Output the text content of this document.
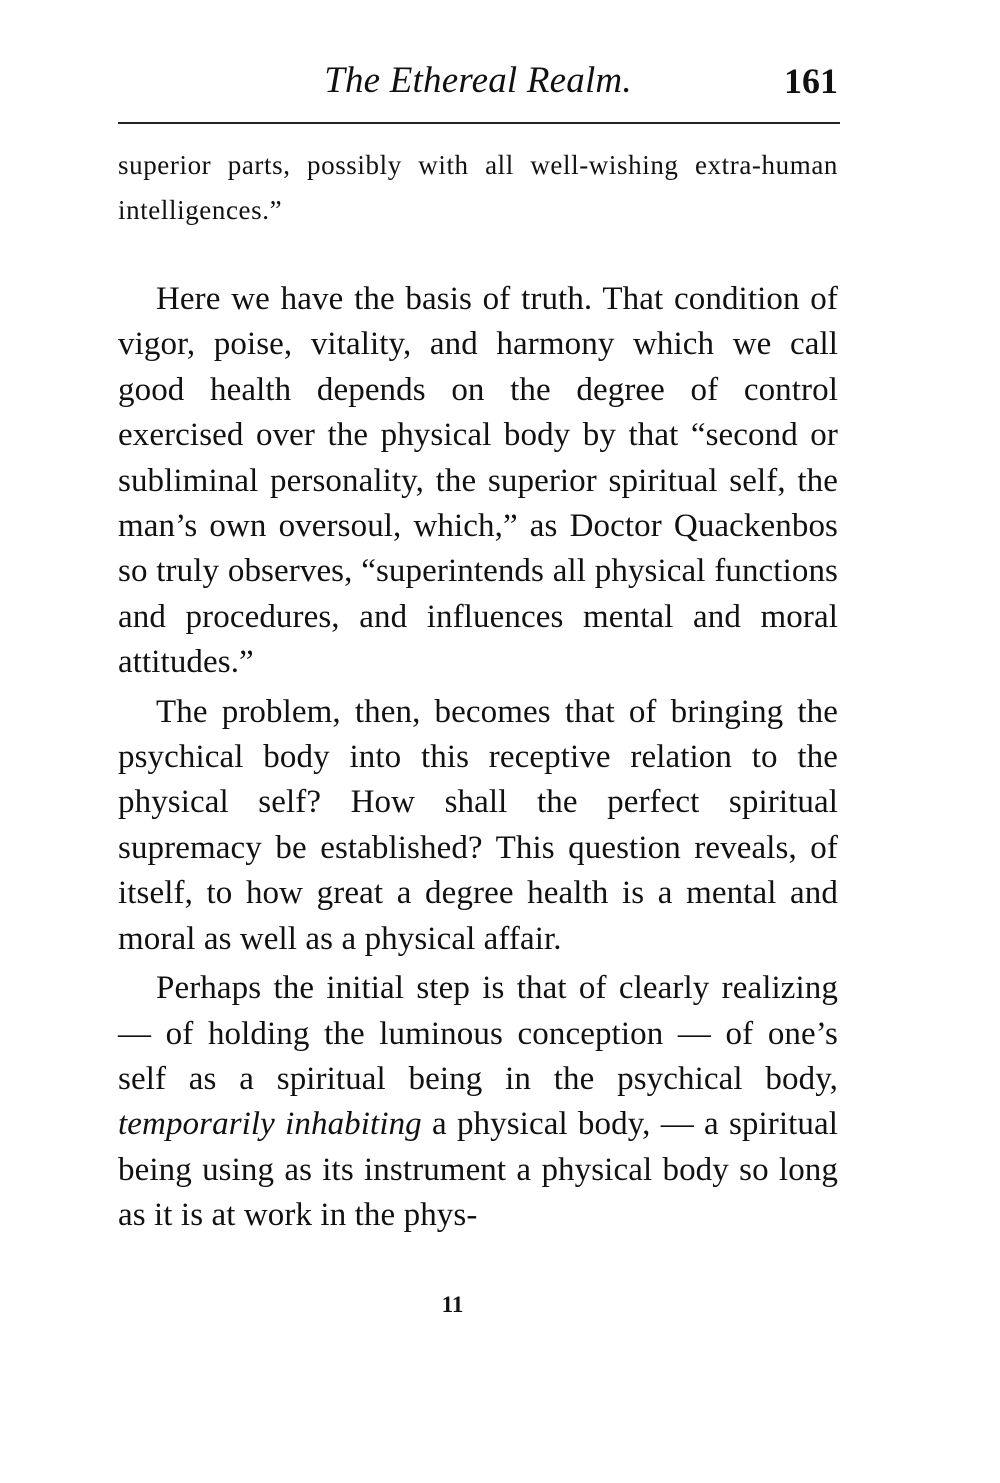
The Ethereal Realm.	161
superior parts, possibly with all well-wishing extra-human intelligences.”

Here we have the basis of truth. That condition of vigor, poise, vitality, and harmony which we call good health depends on the degree of control exercised over the physical body by that “second or subliminal personality, the superior spiritual self, the man’s own oversoul, which,” as Doctor Quackenbos so truly observes, “superintends all physical functions and procedures, and influences mental and moral attitudes.”

The problem, then, becomes that of bringing the psychical body into this receptive relation to the physical self? How shall the perfect spiritual supremacy be established? This question reveals, of itself, to how great a degree health is a mental and moral as well as a physical affair.

Perhaps the initial step is that of clearly realizing — of holding the luminous conception — of one’s self as a spiritual being in the psychical body, temporarily inhabiting a physical body, — a spiritual being using as its instrument a physical body so long as it is at work in the phys-

11
